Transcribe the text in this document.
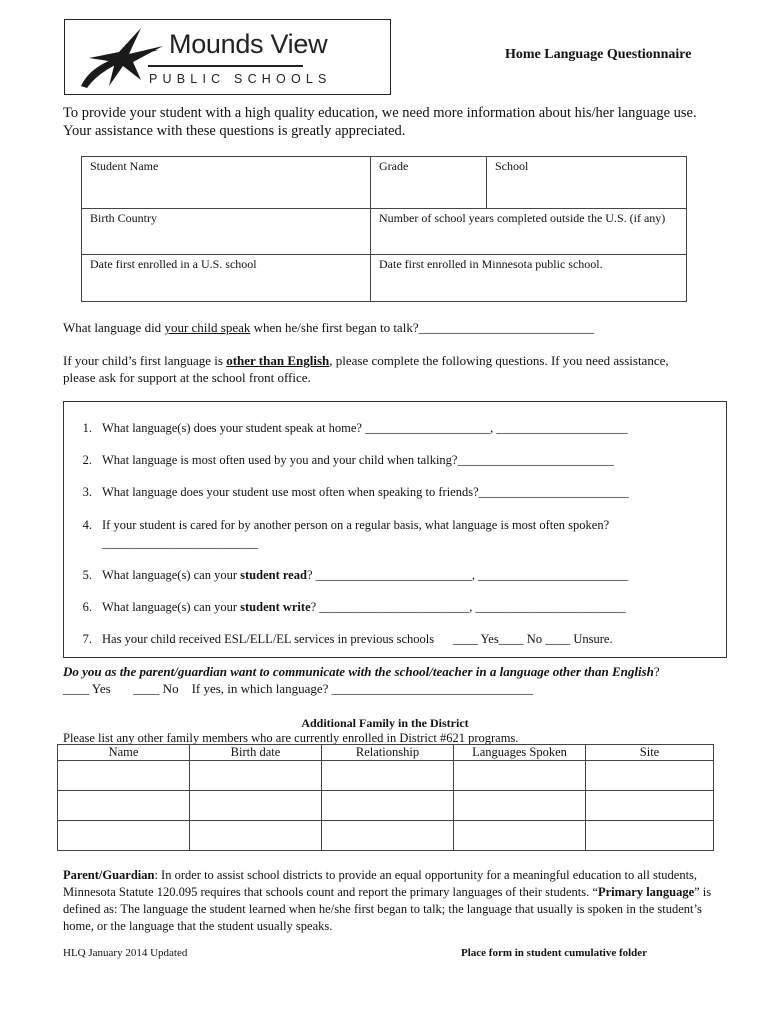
Mounds View
PUBLIC SCHOOLS
Home Language Questionnaire
To provide your student with a high quality education, we need more information about his/her language use. Your assistance with these questions is greatly appreciated.
Student Name	Grade	School
Birth Country	Number of school years completed outside the U.S. (if any)	
Date first enrolled in a U.S. school	Date first enrolled in Minnesota public school.	
What language did your child speak when he/she first began to talk?___________________________
If your child’s first language is other than English, please complete the following questions. If you need assistance, please ask for support at the school front office.
1. What language(s) does your student speak at home? ____________________, _____________________
2. What language is most often used by you and your child when talking?_________________________
3. What language does your student use most often when speaking to friends?________________________
4. If your student is cared for by another person on a regular basis, what language is most often spoken?
_________________________
5. What language(s) can your student read? _________________________, ________________________
6. What language(s) can your student write? ________________________, ________________________
7. Has your child received ESL/ELL/EL services in previous schools      ____ Yes____ No ____ Unsure.
Do you as the parent/guardian want to communicate with the school/teacher in a language other than English?
____ Yes       ____ No    If yes, in which language? _______________________________
Additional Family in the District
Please list any other family members who are currently enrolled in District #621 programs.
Name	Birth date	Relationship	Languages Spoken	Site

Parent/Guardian: In order to assist school districts to provide an equal opportunity for a meaningful education to all students, Minnesota Statute 120.095 requires that schools count and report the primary languages of their students. “Primary language” is defined as: The language the student learned when he/she first began to talk; the language that usually is spoken in the student’s home, or the language that the student usually speaks.
HLQ January 2014 Updated	Place form in student cumulative folder
